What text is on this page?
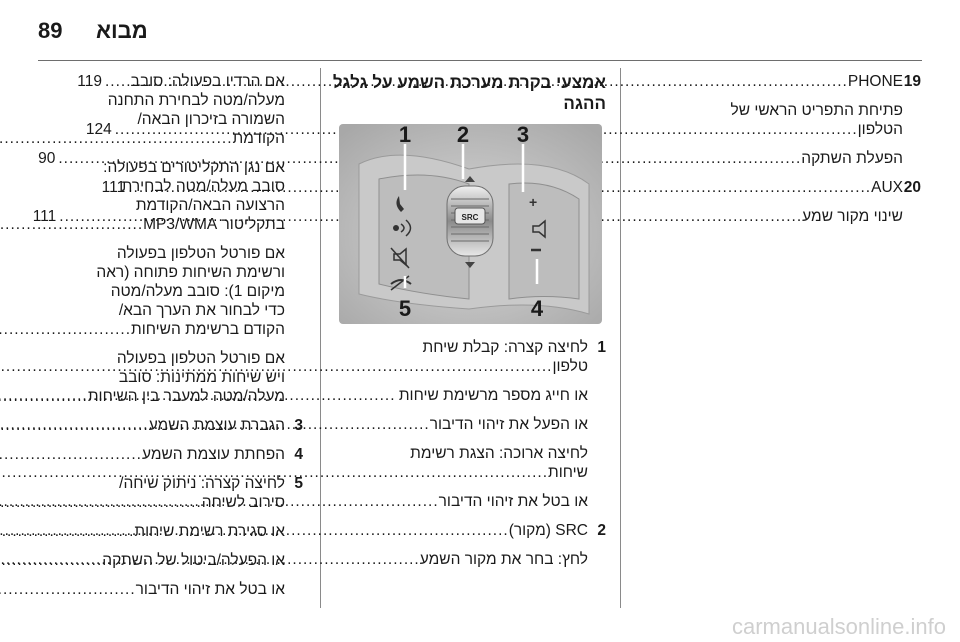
89 מבוא
19
PHONE
.....
119
פתיחת התפריט הראשי של
הטלפון
.....
124
הפעלת השתקה
.....
90
20
AUX
.....
111
שינוי מקור שמע
.....
111
אמצעי בקרת מערכת השמע על גלגל ההגה
SRC
+
1 2 3
4
5
1
לחיצה קצרה: קבלת שיחת
טלפון
.....
או חייג מספר מרשימת שיחות .
.....
או הפעל את זיהוי הדיבור
.....
לחיצה ארוכה: הצגת רשימת
שיחות
.....
או בטל את זיהוי הדיבור
.....
2
SRC (מקור)
.....
לחץ: בחר את מקור השמע
.....
אם הרדיו בפעולה: סובב
מעלה/מטה לבחירת התחנה
השמורה בזיכרון הבאה/
הקודמת
.....
אם נגן התקליטורים בפעולה:
סובב מעלה/מטה לבחירת
הרצועה הבאה/הקודמת
בתקליטור MP3/WMA
.....
אם פורטל הטלפון בפעולה
ורשימת השיחות פתוחה (ראה
מיקום 1): סובב מעלה/מטה
כדי לבחור את הערך הבא/
הקודם ברשימת השיחות
.....
אם פורטל הטלפון בפעולה
ויש שיחות ממתינות: סובב
מעלה/מטה למעבר בין השיחות
.....
3
הגברת עוצמת השמע
.....
4
הפחתת עוצמת השמע
.....
5
לחיצה קצרה: ניתוק שיחה/
סירוב לשיחה
.....
או סגירת רשימת שיחות
.....
או הפעלה/ביטול של השתקה
.....
או בטל את זיהוי הדיבור
.....
carmanualsonline.info
